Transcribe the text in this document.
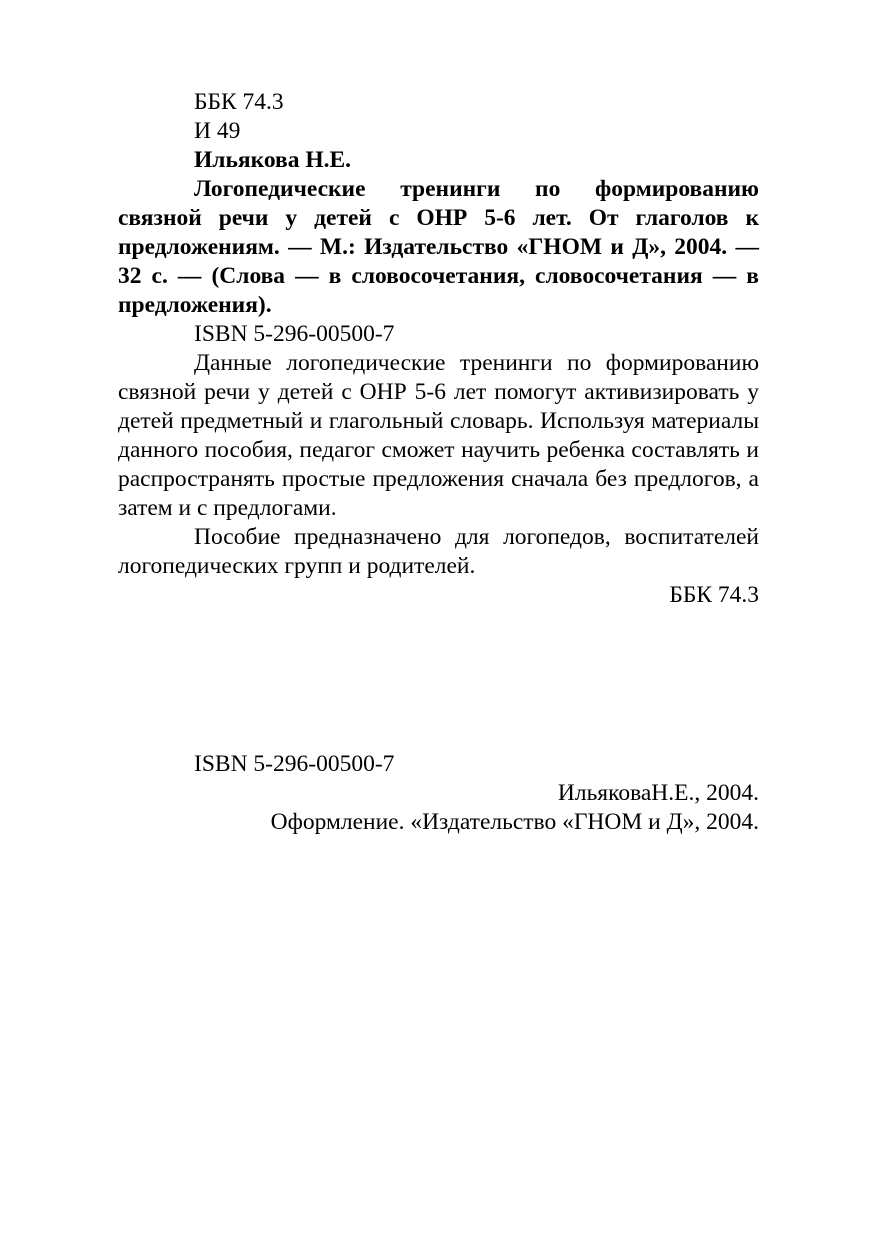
ББК 74.3
И 49
Ильякова Н.Е.
Логопедические тренинги по формированию связной речи у детей с ОНР 5-6 лет. От глаголов к предложениям. — М.: Издательство «ГНОМ и Д», 2004. — 32 с. — (Слова — в словосочетания, словосочетания — в предложения).
ISBN 5-296-00500-7
Данные логопедические тренинги по формированию связной речи у детей с ОНР 5-6 лет помогут активизировать у детей предметный и глагольный словарь. Используя материалы данного пособия, педагог сможет научить ребенка составлять и распространять простые предложения сначала без предлогов, а затем и с предлогами.
Пособие предназначено для логопедов, воспитателей логопедических групп и родителей.
ББК 74.3
ISBN 5-296-00500-7
ИльяковаН.Е., 2004.
Оформление. «Издательство «ГНОМ и Д», 2004.
